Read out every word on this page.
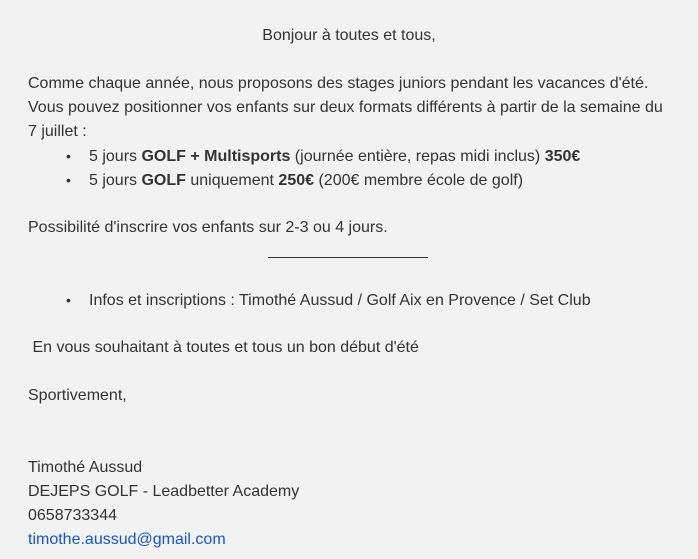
Bonjour à toutes et tous,
Comme chaque année, nous proposons des stages juniors pendant les vacances d'été.
Vous pouvez positionner vos enfants sur deux formats différents à partir de la semaine du
7 juillet :
• 5 jours GOLF + Multisports (journée entière, repas midi inclus) 350€
• 5 jours GOLF uniquement 250€ (200€ membre école de golf)
Possibilité d'inscrire vos enfants sur 2-3 ou 4 jours.
• Infos et inscriptions : Timothé Aussud / Golf Aix en Provence / Set Club
En vous souhaitant à toutes et tous un bon début d'été
Sportivement,
Timothé Aussud
DEJEPS GOLF - Leadbetter Academy
0658733344
timothe.aussud@gmail.com
